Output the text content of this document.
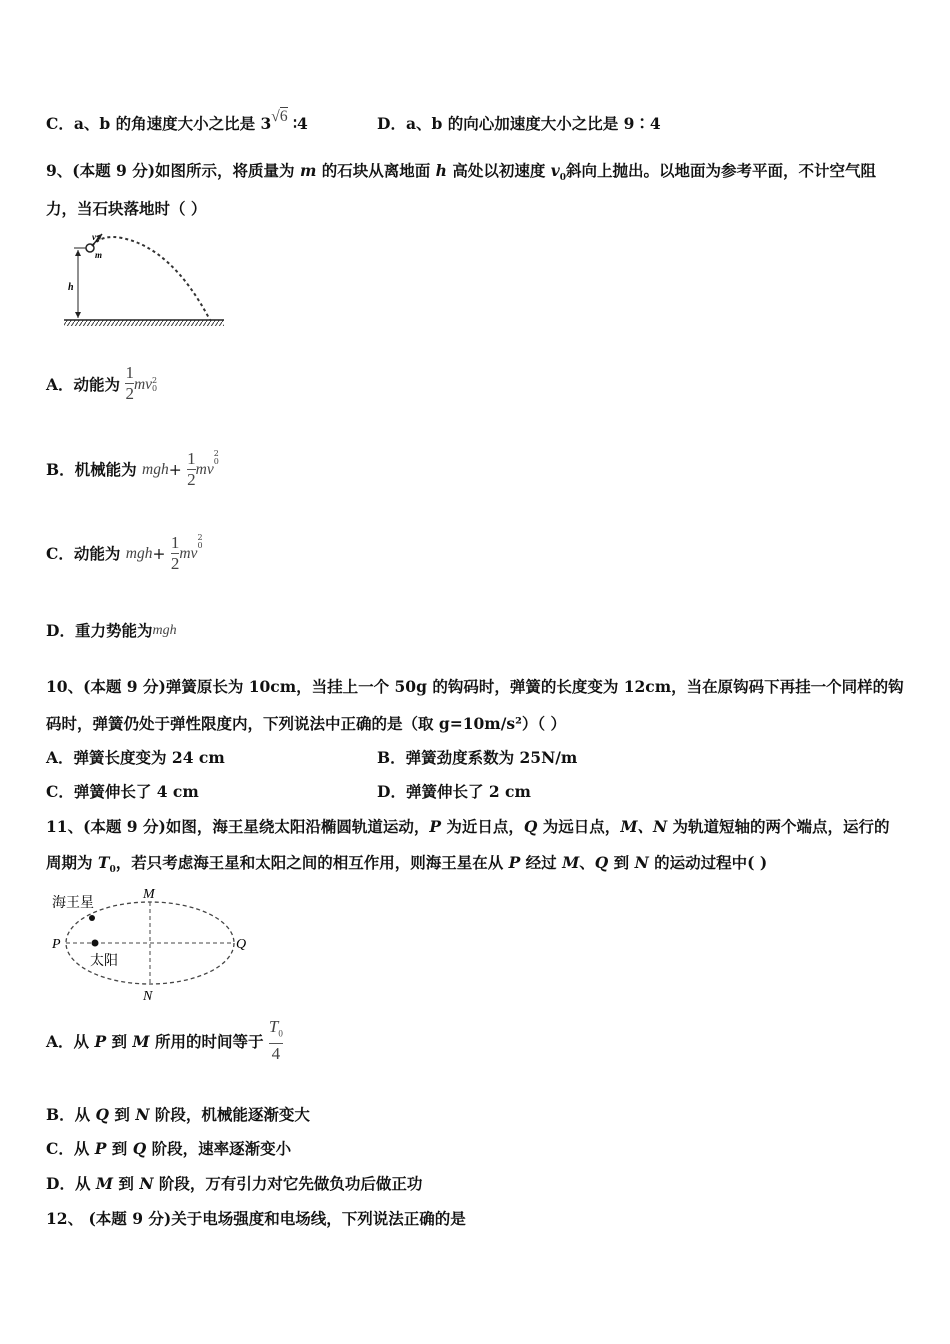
C．a、b 的角速度大小之比是 3√6 ∶4	D．a、b 的向心加速度大小之比是 9∶4
9、(本题 9 分)如图所示，将质量为 m 的石块从离地面 h 高处以初速度 $v_0$斜向上抛出。以地面为参考平面，不计空气阻
力，当石块落地时（ ）
v₀
m
h
A．动能为 $\frac{1}{2}$ mv 2
0
B．机械能为 $mgh+ \frac{1}{2}$ mv
2
0
C．动能为 $mgh+ \frac{1}{2}$ mv
2
0
D．重力势能为mgh
10、(本题 9 分)弹簧原长为 10cm，当挂上一个 50g 的钩码时，弹簧的长度变为 12cm，当在原钩码下再挂一个同样的钩
码时，弹簧仍处于弹性限度内，下列说法中正确的是（取 g=10m/s²）（ ）
A．弹簧长度变为 24 cm	B．弹簧劲度系数为 25N/m
C．弹簧伸长了 4 cm	D．弹簧伸长了 2 cm
11、(本题 9 分)如图，海王星绕太阳沿椭圆轨道运动，P 为近日点，Q 为远日点，M、N 为轨道短轴的两个端点，运行的
周期为 $T_0$，若只考虑海王星和太阳之间的相互作用，则海王星在从 P 经过 M、Q 到 N 的运动过程中( )
海王星
太阳
M
N
P	Q
A．从 P 到 M 所用的时间等于 $\frac{T_0}{4}$
B．从 Q 到 N 阶段，机械能逐渐变大
C．从 P 到 Q 阶段，速率逐渐变小
D．从 M 到 N 阶段，万有引力对它先做负功后做正功
12、 (本题 9 分)关于电场强度和电场线，下列说法正确的是
